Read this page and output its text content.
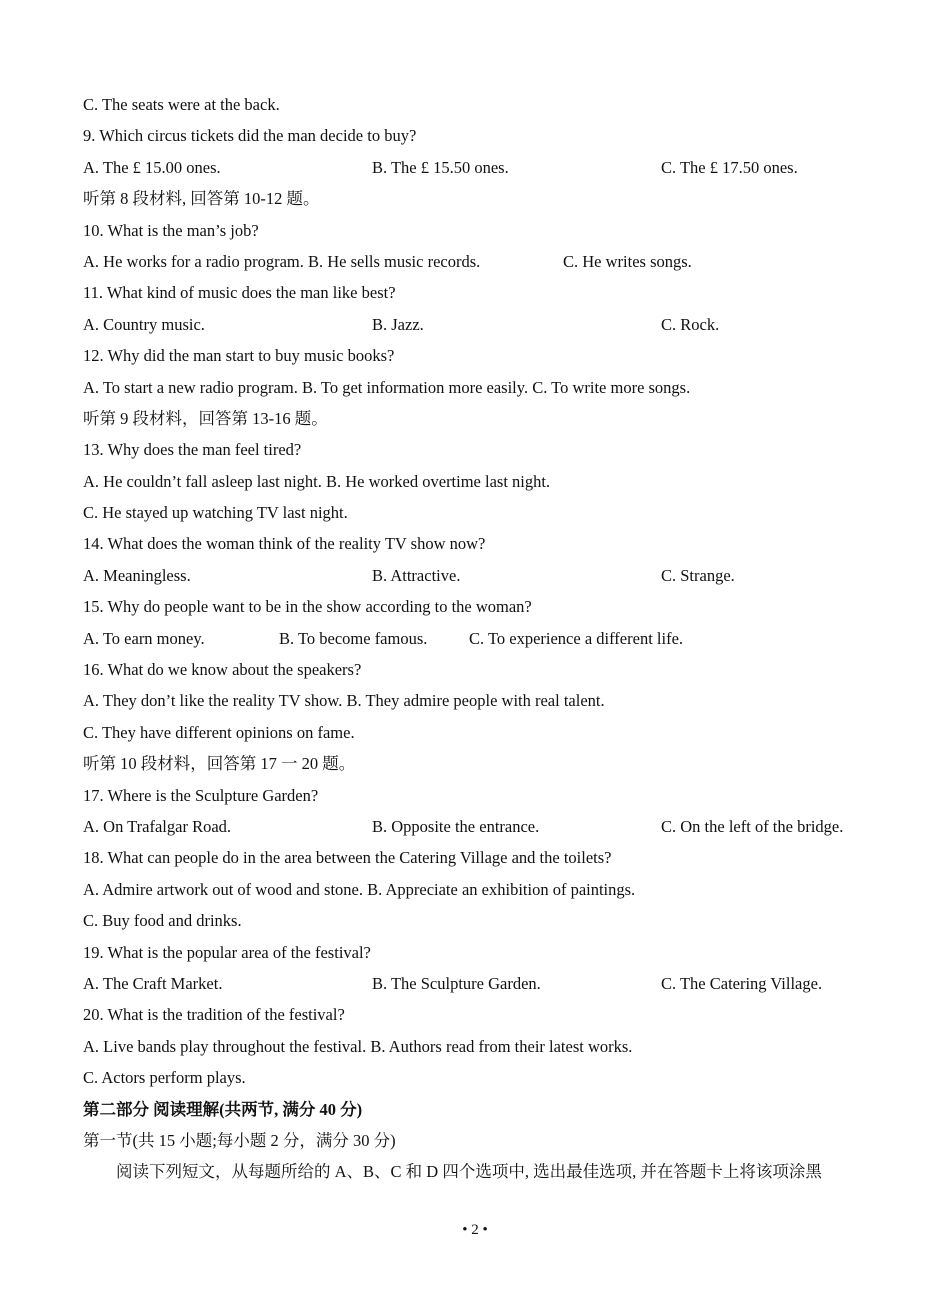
C. The seats were at the back.
9. Which circus tickets did the man decide to buy?
A. The £ 15.00 ones.	B. The £ 15.50 ones.	C. The £ 17.50 ones.
听第 8 段材料, 回答第 10-12 题。
10. What is the man’s job?
A. He works for a radio program. B. He sells music records.	C. He writes songs.
11. What kind of music does the man like best?
A. Country music.	B. Jazz.	C. Rock.
12. Why did the man start to buy music books?
A. To start a new radio program. B. To get information more easily. C. To write more songs.
听第 9 段材料，回答第 13-16 题。
13. Why does the man feel tired?
A. He couldn’t fall asleep last night. B. He worked overtime last night.
C. He stayed up watching TV last night.
14. What does the woman think of the reality TV show now?
A. Meaningless.	B. Attractive.	C. Strange.
15. Why do people want to be in the show according to the woman?
A. To earn money.	B. To become famous.	C. To experience a different life.
16. What do we know about the speakers?
A. They don’t like the reality TV show. B. They admire people with real talent.
C. They have different opinions on fame.
听第 10 段材料，回答第 17 一 20 题。
17. Where is the Sculpture Garden?
A. On Trafalgar Road.	B. Opposite the entrance.	C. On the left of the bridge.
18. What can people do in the area between the Catering Village and the toilets?
A. Admire artwork out of wood and stone. B. Appreciate an exhibition of paintings.
C. Buy food and drinks.
19. What is the popular area of the festival?
A. The Craft Market.	B. The Sculpture Garden.	C. The Catering Village.
20. What is the tradition of the festival?
A. Live bands play throughout the festival. B. Authors read from their latest works.
C. Actors perform plays.
第二部分 阅读理解(共两节, 满分 40 分)
第一节(共 15 小题;每小题 2 分，满分 30 分)
阅读下列短文，从每题所给的 A、B、C 和 D 四个选项中, 选出最佳选项, 并在答题卡上将该项涂黑
• 2 •
